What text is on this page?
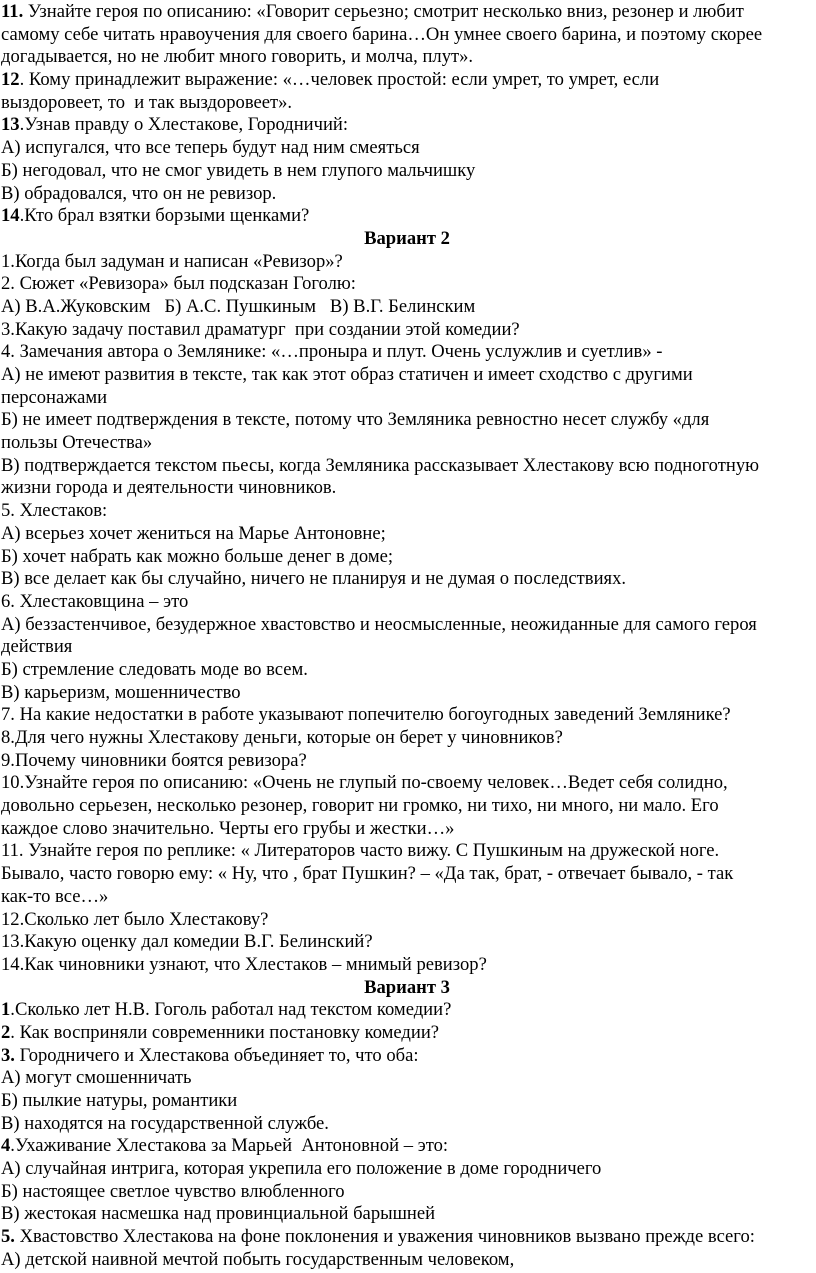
11. Узнайте героя по описанию: «Говорит серьезно; смотрит несколько вниз, резонер и любит
самому себе читать нравоучения для своего барина…Он умнее своего барина, и поэтому скорее
догадывается, но не любит много говорить, и молча, плут».
12. Кому принадлежит выражение: «…человек простой: если умрет, то умрет, если
выздоровеет, то  и так выздоровеет».
13.Узнав правду о Хлестакове, Городничий:
А) испугался, что все теперь будут над ним смеяться
Б) негодовал, что не смог увидеть в нем глупого мальчишку
В) обрадовался, что он не ревизор.
14.Кто брал взятки борзыми щенками?
Вариант 2
1.Когда был задуман и написан «Ревизор»?
2. Сюжет «Ревизора» был подсказан Гоголю:
А) В.А.Жуковским   Б) А.С. Пушкиным   В) В.Г. Белинским
3.Какую задачу поставил драматург  при создании этой комедии?
4. Замечания автора о Землянике: «…проныра и плут. Очень услужлив и суетлив» -
А) не имеют развития в тексте, так как этот образ статичен и имеет сходство с другими
персонажами
Б) не имеет подтверждения в тексте, потому что Земляника ревностно несет службу «для
пользы Отечества»
В) подтверждается текстом пьесы, когда Земляника рассказывает Хлестакову всю подноготную
жизни города и деятельности чиновников.
5. Хлестаков:
А) всерьез хочет жениться на Марье Антоновне;
Б) хочет набрать как можно больше денег в доме;
В) все делает как бы случайно, ничего не планируя и не думая о последствиях.
6. Хлестаковщина – это
А) беззастенчивое, безудержное хвастовство и неосмысленные, неожиданные для самого героя
действия
Б) стремление следовать моде во всем.
В) карьеризм, мошенничество
7. На какие недостатки в работе указывают попечителю богоугодных заведений Землянике?
8.Для чего нужны Хлестакову деньги, которые он берет у чиновников?
9.Почему чиновники боятся ревизора?
10.Узнайте героя по описанию: «Очень не глупый по-своему человек…Ведет себя солидно,
довольно серьезен, несколько резонер, говорит ни громко, ни тихо, ни много, ни мало. Его
каждое слово значительно. Черты его грубы и жестки…»
11. Узнайте героя по реплике: « Литераторов часто вижу. С Пушкиным на дружеской ноге.
Бывало, часто говорю ему: « Ну, что , брат Пушкин? – «Да так, брат, - отвечает бывало, - так
как-то все…»
12.Сколько лет было Хлестакову?
13.Какую оценку дал комедии В.Г. Белинский?
14.Как чиновники узнают, что Хлестаков – мнимый ревизор?
Вариант 3
1.Сколько лет Н.В. Гоголь работал над текстом комедии?
2. Как восприняли современники постановку комедии?
3. Городничего и Хлестакова объединяет то, что оба:
А) могут смошенничать
Б) пылкие натуры, романтики
В) находятся на государственной службе.
4.Ухаживание Хлестакова за Марьей  Антоновной – это:
А) случайная интрига, которая укрепила его положение в доме городничего
Б) настоящее светлое чувство влюбленного
В) жестокая насмешка над провинциальной барышней
5. Хвастовство Хлестакова на фоне поклонения и уважения чиновников вызвано прежде всего:
А) детской наивной мечтой побыть государственным человеком,
